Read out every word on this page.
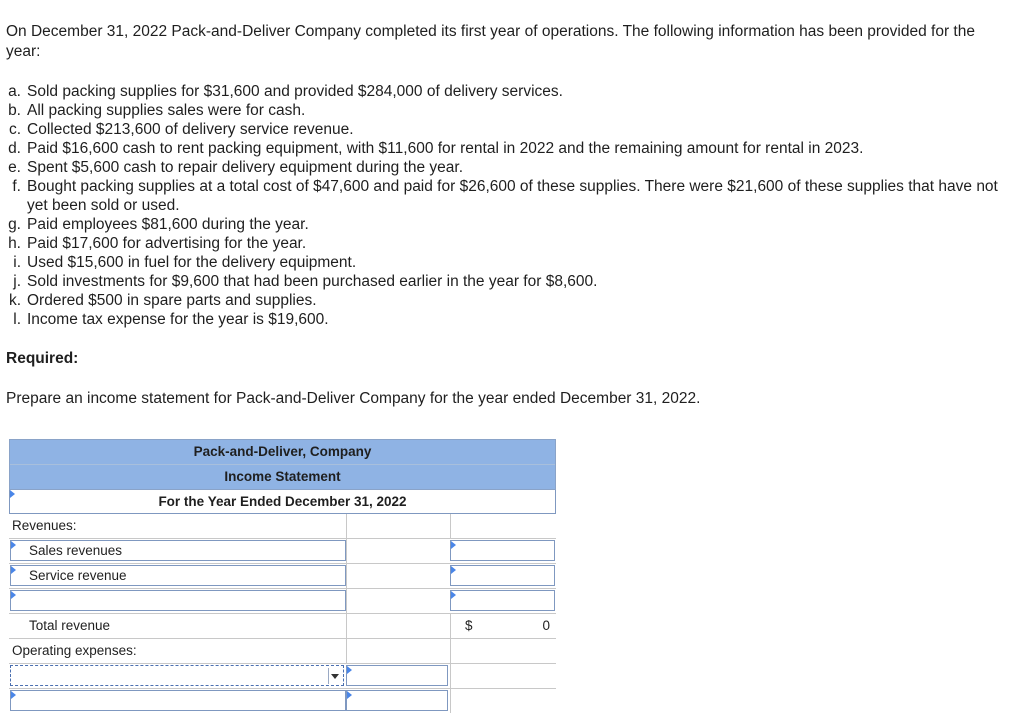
On December 31, 2022 Pack-and-Deliver Company completed its first year of operations. The following information has been provided for the year:
a. Sold packing supplies for $31,600 and provided $284,000 of delivery services.
b. All packing supplies sales were for cash.
c. Collected $213,600 of delivery service revenue.
d. Paid $16,600 cash to rent packing equipment, with $11,600 for rental in 2022 and the remaining amount for rental in 2023.
e. Spent $5,600 cash to repair delivery equipment during the year.
f. Bought packing supplies at a total cost of $47,600 and paid for $26,600 of these supplies. There were $21,600 of these supplies that have not yet been sold or used.
g. Paid employees $81,600 during the year.
h. Paid $17,600 for advertising for the year.
i. Used $15,600 in fuel for the delivery equipment.
j. Sold investments for $9,600 that had been purchased earlier in the year for $8,600.
k. Ordered $500 in spare parts and supplies.
l. Income tax expense for the year is $19,600.
Required:
Prepare an income statement for Pack-and-Deliver Company for the year ended December 31, 2022.
Pack-and-Deliver, Company
Income Statement
For the Year Ended December 31, 2022
Revenues:
Sales revenues
Service revenue
Total revenue	$	0
Operating expenses:
